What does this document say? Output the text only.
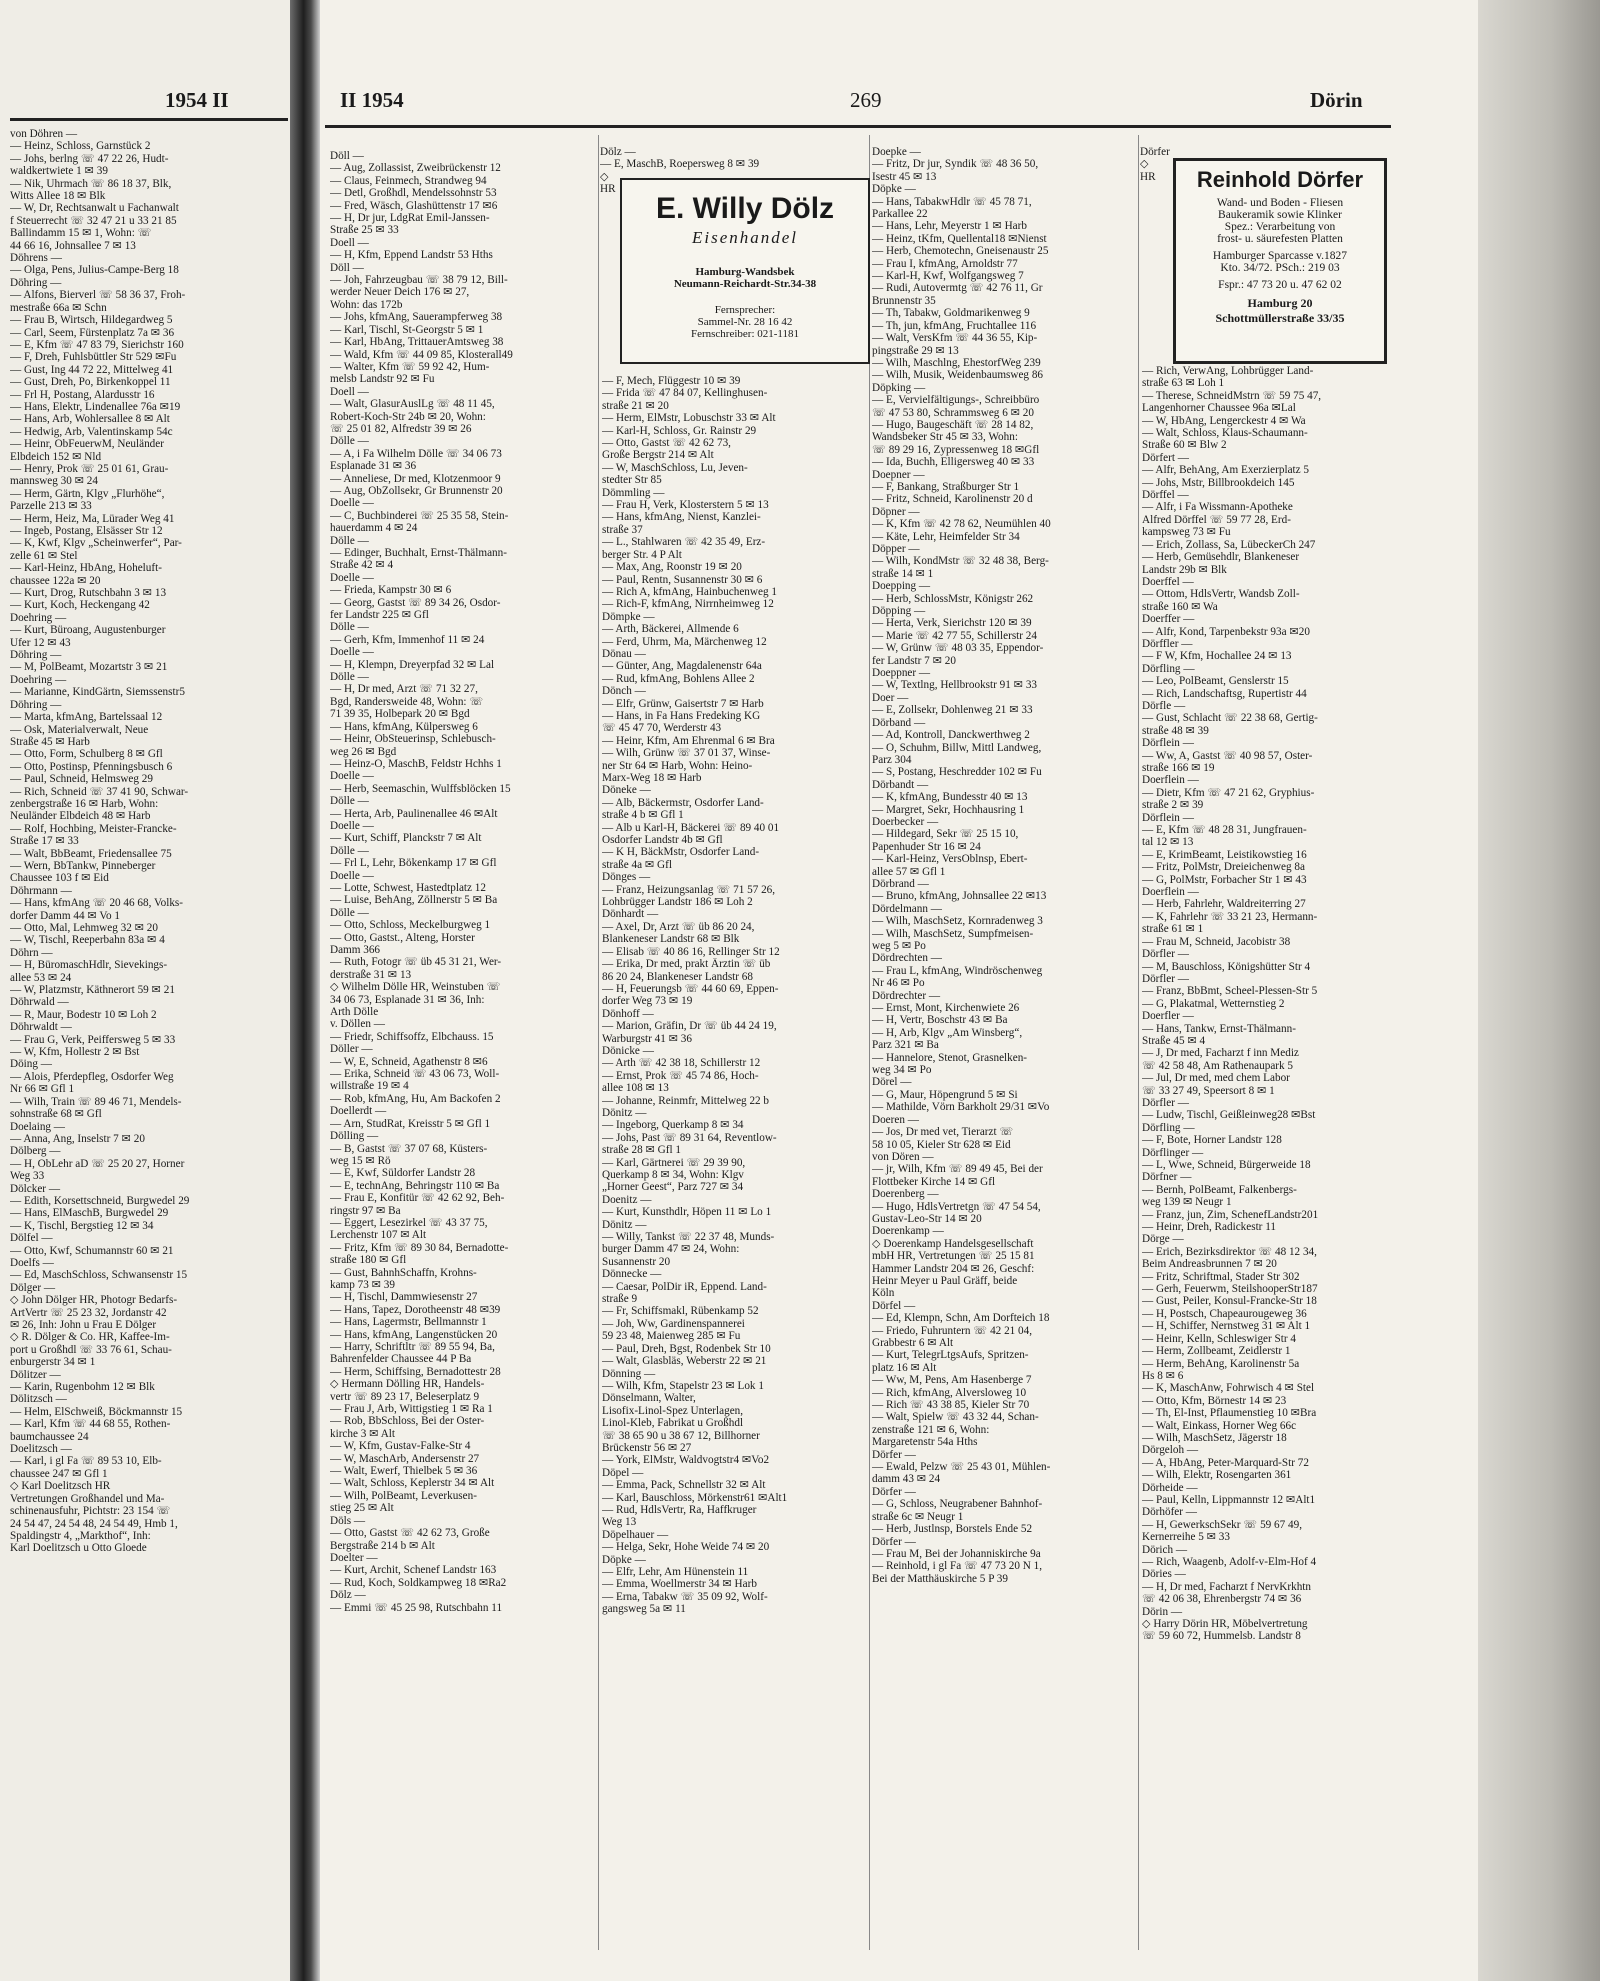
1954 II	II 1954	269	Dörin
von Döhren —
— Heinz, Schloss, Garnstück 2
— Johs, berlng ☏ 47 22 26, Hudt-
waldkertwiete 1 ✉ 39
— Nik, Uhrmach ☏ 86 18 37, Blk,
Witts Allee 18 ✉ Blk
— W, Dr, Rechtsanwalt u Fachanwalt
f Steuerrecht ☏ 32 47 21 u 33 21 85
Ballindamm 15 ✉ 1, Wohn: ☏
44 66 16, Johnsallee 7 ✉ 13
Döhrens —
— Olga, Pens, Julius-Campe-Berg 18
Döhring —
— Alfons, Bierverl ☏ 58 36 37, Froh-
mestraße 66a ✉ Schn
— Frau B, Wirtsch, Hildegardweg 5
— Carl, Seem, Fürstenplatz 7a ✉ 36
— E, Kfm ☏ 47 83 79, Sierichstr 160
— F, Dreh, Fuhlsbüttler Str 529 ✉Fu
— Gust, Ing 44 72 22, Mittelweg 41
— Gust, Dreh, Po, Birkenkoppel 11
— Frl H, Postang, Alardusstr 16
— Hans, Elektr, Lindenallee 76a ✉19
— Hans, Arb, Wohlersallee 8 ✉ Alt
— Hedwig, Arb, Valentinskamp 54c
— Heinr, ObFeuerwM, Neuländer
Elbdeich 152 ✉ Nld
— Henry, Prok ☏ 25 01 61, Grau-
mannsweg 30 ✉ 24
— Herm, Gärtn, Klgv „Flurhöhe“,
Parzelle 213 ✉ 33
— Herm, Heiz, Ma, Lürader Weg 41
— Ingeb, Postang, Elsässer Str 12
— K, Kwf, Klgv „Scheinwerfer“, Par-
zelle 61 ✉ Stel
— Karl-Heinz, HbAng, Hoheluft-
chaussee 122a ✉ 20
— Kurt, Drog, Rutschbahn 3 ✉ 13
— Kurt, Koch, Heckengang 42
Doehring —
— Kurt, Büroang, Augustenburger
Ufer 12 ✉ 43
Döhring —
— M, PolBeamt, Mozartstr 3 ✉ 21
Doehring —
— Marianne, KindGärtn, Siemssenstr5
Döhring —
— Marta, kfmAng, Bartelssaal 12
— Osk, Materialverwalt, Neue
Straße 45 ✉ Harb
— Otto, Form, Schulberg 8 ✉ Gfl
— Otto, Postinsp, Pfenningsbusch 6
— Paul, Schneid, Helmsweg 29
— Rich, Schneid ☏ 37 41 90, Schwar-
zenbergstraße 16 ✉ Harb, Wohn:
Neuländer Elbdeich 48 ✉ Harb
— Rolf, Hochbing, Meister-Francke-
Straße 17 ✉ 33
— Walt, BbBeamt, Friedensallee 75
— Wern, BbTankw, Pinneberger
Chaussee 103 f ✉ Eid
Döhrmann —
— Hans, kfmAng ☏ 20 46 68, Volks-
dorfer Damm 44 ✉ Vo 1
— Otto, Mal, Lehmweg 32 ✉ 20
— W, Tischl, Reeperbahn 83a ✉ 4
Döhrn —
— H, BüromaschHdlr, Sievekings-
allee 53 ✉ 24
— W, Platzmstr, Käthnerort 59 ✉ 21
Döhrwald —
— R, Maur, Bodestr 10 ✉ Loh 2
Döhrwaldt —
— Frau G, Verk, Peiffersweg 5 ✉ 33
— W, Kfm, Hollestr 2 ✉ Bst
Döing —
— Alois, Pferdepfleg, Osdorfer Weg
Nr 66 ✉ Gfl 1
— Wilh, Train ☏ 89 46 71, Mendels-
sohnstraße 68 ✉ Gfl
Doelaing —
— Anna, Ang, Inselstr 7 ✉ 20
Dölberg —
— H, ObLehr aD ☏ 25 20 27, Horner
Weg 33
Dölcker —
— Edith, Korsettschneid, Burgwedel 29
— Hans, ElMaschB, Burgwedel 29
— K, Tischl, Bergstieg 12 ✉ 34
Dölfel —
— Otto, Kwf, Schumannstr 60 ✉ 21
Doelfs —
— Ed, MaschSchloss, Schwansenstr 15
Dölger —
◇ John Dölger HR, Photogr Bedarfs-
ArtVertr ☏ 25 23 32, Jordanstr 42
✉ 26, Inh: John u Frau E Dölger
◇ R. Dölger & Co. HR, Kaffee-Im-
port u Großhdl ☏ 33 76 61, Schau-
enburgerstr 34 ✉ 1
Dölitzer —
— Karin, Rugenbohm 12 ✉ Blk
Dölitzsch —
— Helm, ElSchweiß, Böckmannstr 15
— Karl, Kfm ☏ 44 68 55, Rothen-
baumchaussee 24
Doelitzsch —
— Karl, i gl Fa ☏ 89 53 10, Elb-
chaussee 247 ✉ Gfl 1
◇ Karl Doelitzsch HR
Vertretungen Großhandel und Ma-
schinenausfuhr, Pichtstr: 23 154 ☏
24 54 47, 24 54 48, 24 54 49, Hmb 1,
Spaldingstr 4, „Markthof“, Inh:
Karl Doelitzsch u Otto Gloede
Döll —
— Aug, Zollassist, Zweibrückenstr 12
— Claus, Feinmech, Strandweg 94
— Detl, Großhdl, Mendelssohnstr 53
— Fred, Wäsch, Glashüttenstr 17 ✉6
— H, Dr jur, LdgRat Emil-Janssen-
Straße 25 ✉ 33
Doell —
— H, Kfm, Eppend Landstr 53 Hths
Döll —
— Joh, Fahrzeugbau ☏ 38 79 12, Bill-
werder Neuer Deich 176 ✉ 27,
Wohn: das 172b
— Johs, kfmAng, Sauerampferweg 38
— Karl, Tischl, St-Georgstr 5 ✉ 1
— Karl, HbAng, TrittauerAmtsweg 38
— Wald, Kfm ☏ 44 09 85, Klosterall49
— Walter, Kfm ☏ 59 92 42, Hum-
melsb Landstr 92 ✉ Fu
Doell —
— Walt, GlasurAuslLg ☏ 48 11 45,
Robert-Koch-Str 24b ✉ 20, Wohn:
☏ 25 01 82, Alfredstr 39 ✉ 26
Dölle —
— A, i Fa Wilhelm Dölle ☏ 34 06 73
Esplanade 31 ✉ 36
— Anneliese, Dr med, Klotzenmoor 9
— Aug, ObZollsekr, Gr Brunnenstr 20
Doelle —
— C, Buchbinderei ☏ 25 35 58, Stein-
hauerdamm 4 ✉ 24
Dölle —
— Edinger, Buchhalt, Ernst-Thälmann-
Straße 42 ✉ 4
Doelle —
— Frieda, Kampstr 30 ✉ 6
— Georg, Gastst ☏ 89 34 26, Osdor-
fer Landstr 225 ✉ Gfl
Dölle —
— Gerh, Kfm, Immenhof 11 ✉ 24
Doelle —
— H, Klempn, Dreyerpfad 32 ✉ Lal
Dölle —
— H, Dr med, Arzt ☏ 71 32 27,
Bgd, Randersweide 48, Wohn: ☏
71 39 35, Holbepark 20 ✉ Bgd
— Hans, kfmAng, Külpersweg 6
— Heinr, ObSteuerinsp, Schlebusch-
weg 26 ✉ Bgd
— Heinz-O, MaschB, Feldstr Hchhs 1
Doelle —
— Herb, Seemaschin, Wulffsblöcken 15
Dölle —
— Herta, Arb, Paulinenallee 46 ✉Alt
Doelle —
— Kurt, Schiff, Planckstr 7 ✉ Alt
Dölle —
— Frl L, Lehr, Bökenkamp 17 ✉ Gfl
Doelle —
— Lotte, Schwest, Hastedtplatz 12
— Luise, BehAng, Zöllnerstr 5 ✉ Ba
Dölle —
— Otto, Schloss, Meckelburgweg 1
— Otto, Gastst., Alteng, Horster
Damm 366
— Ruth, Fotogr ☏ üb 45 31 21, Wer-
derstraße 31 ✉ 13
◇ Wilhelm Dölle HR, Weinstuben ☏
34 06 73, Esplanade 31 ✉ 36, Inh:
Arth Dölle
v. Döllen —
— Friedr, Schiffsoffz, Elbchauss. 15
Döller —
— W, E, Schneid, Agathenstr 8 ✉6
— Erika, Schneid ☏ 43 06 73, Woll-
willstraße 19 ✉ 4
— Rob, kfmAng, Hu, Am Backofen 2
Doellerdt —
— Arn, StudRat, Kreisstr 5 ✉ Gfl 1
Dölling —
— B, Gastst ☏ 37 07 68, Küsters-
weg 15 ✉ Rö
— E, Kwf, Süldorfer Landstr 28
— E, technAng, Behringstr 110 ✉ Ba
— Frau E, Konfitür ☏ 42 62 92, Beh-
ringstr 97 ✉ Ba
— Eggert, Lesezirkel ☏ 43 37 75,
Lerchenstr 107 ✉ Alt
— Fritz, Kfm ☏ 89 30 84, Bernadotte-
straße 180 ✉ Gfl
— Gust, BahnhSchaffn, Krohns-
kamp 73 ✉ 39
— H, Tischl, Dammwiesenstr 27
— Hans, Tapez, Dorotheenstr 48 ✉39
— Hans, Lagermstr, Bellmannstr 1
— Hans, kfmAng, Langenstücken 20
— Harry, Schriftltr ☏ 89 55 94, Ba,
Bahrenfelder Chaussee 44 P Ba
— Herm, Schiffsing, Bernadottestr 28
◇ Hermann Dölling HR, Handels-
vertr ☏ 89 23 17, Beleserplatz 9
— Frau J, Arb, Wittigstieg 1 ✉ Ra 1
— Rob, BbSchloss, Bei der Oster-
kirche 3 ✉ Alt
— W, Kfm, Gustav-Falke-Str 4
— W, MaschArb, Andersenstr 27
— Walt, Ewerf, Thielbek 5 ✉ 36
— Walt, Schloss, Keplerstr 34 ✉ Alt
— Wilh, PolBeamt, Leverkusen-
stieg 25 ✉ Alt
Döls —
— Otto, Gastst ☏ 42 62 73, Große
Bergstraße 214 b ✉ Alt
Doelter —
— Kurt, Archit, Schenef Landstr 163
— Rud, Koch, Soldkampweg 18 ✉Ra2
Dölz —
— Emmi ☏ 45 25 98, Rutschbahn 11
Dölz —
— E, MaschB, Roepersweg 8 ✉ 39
◇
HR
— F, Mech, Flüggestr 10 ✉ 39
— Frida ☏ 47 84 07, Kellinghusen-
straße 21 ✉ 20
— Herm, ElMstr, Lobuschstr 33 ✉ Alt
— Karl-H, Schloss, Gr. Rainstr 29
— Otto, Gastst ☏ 42 62 73,
Große Bergstr 214 ✉ Alt
— W, MaschSchloss, Lu, Jeven-
stedter Str 85
Dömmling —
— Frau H, Verk, Klosterstern 5 ✉ 13
— Hans, kfmAng, Nienst, Kanzlei-
straße 37
— L., Stahlwaren ☏ 42 35 49, Erz-
berger Str. 4 P Alt
— Max, Ang, Roonstr 19 ✉ 20
— Paul, Rentn, Susannenstr 30 ✉ 6
— Rich A, kfmAng, Hainbuchenweg 1
— Rich-F, kfmAng, Nirrnheimweg 12
Dömpke —
— Arth, Bäckerei, Allmende 6
— Ferd, Uhrm, Ma, Märchenweg 12
Dönau —
— Günter, Ang, Magdalenenstr 64a
— Rud, kfmAng, Bohlens Allee 2
Dönch —
— Elfr, Grünw, Gaisertstr 7 ✉ Harb
— Hans, in Fa Hans Fredeking KG
☏ 45 47 70, Werderstr 43
— Heinr, Kfm, Am Ehrenmal 6 ✉ Bra
— Wilh, Grünw ☏ 37 01 37, Winse-
ner Str 64 ✉ Harb, Wohn: Heino-
Marx-Weg 18 ✉ Harb
Döneke —
— Alb, Bäckermstr, Osdorfer Land-
straße 4 b ✉ Gfl 1
— Alb u Karl-H, Bäckerei ☏ 89 40 01
Osdorfer Landstr 4b ✉ Gfl
— K H, BäckMstr, Osdorfer Land-
straße 4a ✉ Gfl
Dönges —
— Franz, Heizungsanlag ☏ 71 57 26,
Lohbrügger Landstr 186 ✉ Loh 2
Dönhardt —
— Axel, Dr, Arzt ☏ üb 86 20 24,
Blankeneser Landstr 68 ✉ Blk
— Elisab ☏ 40 86 16, Rellinger Str 12
— Erika, Dr med, prakt Ärztin ☏ üb
86 20 24, Blankeneser Landstr 68
— H, Feuerungsb ☏ 44 60 69, Eppen-
dorfer Weg 73 ✉ 19
Dönhoff —
— Marion, Gräfin, Dr ☏ üb 44 24 19,
Warburgstr 41 ✉ 36
Dönicke —
— Arth ☏ 42 38 18, Schillerstr 12
— Ernst, Prok ☏ 45 74 86, Hoch-
allee 108 ✉ 13
— Johanne, Reinmfr, Mittelweg 22 b
Dönitz —
— Ingeborg, Querkamp 8 ✉ 34
— Johs, Past ☏ 89 31 64, Reventlow-
straße 28 ✉ Gfl 1
— Karl, Gärtnerei ☏ 29 39 90,
Querkamp 8 ✉ 34, Wohn: Klgv
„Horner Geest“, Parz 727 ✉ 34
Doenitz —
— Kurt, Kunsthdlr, Höpen 11 ✉ Lo 1
Dönitz —
— Willy, Tankst ☏ 22 37 48, Munds-
burger Damm 47 ✉ 24, Wohn:
Susannenstr 20
Dönnecke —
— Caesar, PolDir iR, Eppend. Land-
straße 9
— Fr, Schiffsmakl, Rübenkamp 52
— Joh, Ww, Gardinenspannerei
59 23 48, Maienweg 285 ✉ Fu
— Paul, Dreh, Bgst, Rodenbek Str 10
— Walt, Glasbläs, Weberstr 22 ✉ 21
Dönning —
— Wilh, Kfm, Stapelstr 23 ✉ Lok 1
Dönselmann, Walter,
Lisofix-Linol-Spez Unterlagen,
Linol-Kleb, Fabrikat u Großhdl
☏ 38 65 90 u 38 67 12, Billhorner
Brückenstr 56 ✉ 27
— York, ElMstr, Waldvogtstr4 ✉Vo2
Döpel —
— Emma, Pack, Schnellstr 32 ✉ Alt
— Karl, Bauschloss, Mörkenstr61 ✉Alt1
— Rud, HdlsVertr, Ra, Haffkruger
Weg 13
Döpelhauer —
— Helga, Sekr, Hohe Weide 74 ✉ 20
Döpke —
— Elfr, Lehr, Am Hünenstein 11
— Emma, Woellmerstr 34 ✉ Harb
— Erna, Tabakw ☏ 35 09 92, Wolf-
gangsweg 5a ✉ 11
Doepke —
— Fritz, Dr jur, Syndik ☏ 48 36 50,
Isestr 45 ✉ 13
Döpke —
— Hans, TabakwHdlr ☏ 45 78 71,
Parkallee 22
— Hans, Lehr, Meyerstr 1 ✉ Harb
— Heinz, tKfm, Quellental18 ✉Nienst
— Herb, Chemotechn, Gneisenaustr 25
— Frau I, kfmAng, Arnoldstr 77
— Karl-H, Kwf, Wolfgangsweg 7
— Rudi, Autovermtg ☏ 42 76 11, Gr
Brunnenstr 35
— Th, Tabakw, Goldmarikenweg 9
— Th, jun, kfmAng, Fruchtallee 116
— Walt, VersKfm ☏ 44 36 55, Kip-
pingstraße 29 ✉ 13
— Wilh, Maschlng, EhestorfWeg 239
— Wilh, Musik, Weidenbaumsweg 86
Döpking —
— E, Vervielfältigungs-, Schreibbüro
☏ 47 53 80, Schrammsweg 6 ✉ 20
— Hugo, Baugeschäft ☏ 28 14 82,
Wandsbeker Str 45 ✉ 33, Wohn:
☏ 89 29 16, Zypressenweg 18 ✉Gfl
— Ida, Buchh, Elligersweg 40 ✉ 33
Doepner —
— F, Bankang, Straßburger Str 1
— Fritz, Schneid, Karolinenstr 20 d
Döpner —
— K, Kfm ☏ 42 78 62, Neumühlen 40
— Käte, Lehr, Heimfelder Str 34
Döpper —
— Wilh, KondMstr ☏ 32 48 38, Berg-
straße 14 ✉ 1
Doepping —
— Herb, SchlossMstr, Königstr 262
Döpping —
— Herta, Verk, Sierichstr 120 ✉ 39
— Marie ☏ 42 77 55, Schillerstr 24
— W, Grünw ☏ 48 03 35, Eppendor-
fer Landstr 7 ✉ 20
Doeppner —
— W, Textlng, Hellbrookstr 91 ✉ 33
Doer —
— E, Zollsekr, Dohlenweg 21 ✉ 33
Dörband —
— Ad, Kontroll, Danckwerthweg 2
— O, Schuhm, Billw, Mittl Landweg,
Parz 304
— S, Postang, Heschredder 102 ✉ Fu
Dörbandt —
— K, kfmAng, Bundesstr 40 ✉ 13
— Margret, Sekr, Hochhausring 1
Doerbecker —
— Hildegard, Sekr ☏ 25 15 10,
Papenhuder Str 16 ✉ 24
— Karl-Heinz, VersOblnsp, Ebert-
allee 57 ✉ Gfl 1
Dörbrand —
— Bruno, kfmAng, Johnsallee 22 ✉13
Dördelmann —
— Wilh, MaschSetz, Kornradenweg 3
— Wilh, MaschSetz, Sumpfmeisen-
weg 5 ✉ Po
Dördrechten —
— Frau L, kfmAng, Windröschenweg
Nr 46 ✉ Po
Dördrechter —
— Ernst, Mont, Kirchenwiete 26
— H, Vertr, Boschstr 43 ✉ Ba
— H, Arb, Klgv „Am Winsberg“,
Parz 321 ✉ Ba
— Hannelore, Stenot, Grasnelken-
weg 34 ✉ Po
Dörel —
— G, Maur, Höpengrund 5 ✉ Si
— Mathilde, Vörn Barkholt 29/31 ✉Vo
Doeren —
— Jos, Dr med vet, Tierarzt ☏
58 10 05, Kieler Str 628 ✉ Eid
von Dören —
— jr, Wilh, Kfm ☏ 89 49 45, Bei der
Flottbeker Kirche 14 ✉ Gfl
Doerenberg —
— Hugo, HdlsVertretgn ☏ 47 54 54,
Gustav-Leo-Str 14 ✉ 20
Doerenkamp —
◇ Doerenkamp Handelsgesellschaft
mbH HR, Vertretungen ☏ 25 15 81
Hammer Landstr 204 ✉ 26, Geschf:
Heinr Meyer u Paul Gräff, beide
Köln
Dörfel —
— Ed, Klempn, Schn, Am Dorfteich 18
— Friedo, Fuhruntern ☏ 42 21 04,
Grabbestr 6 ✉ Alt
— Kurt, TelegrLtgsAufs, Spritzen-
platz 16 ✉ Alt
— Ww, M, Pens, Am Hasenberge 7
— Rich, kfmAng, Alversloweg 10
— Rich ☏ 43 38 85, Kieler Str 70
— Walt, Spielw ☏ 43 32 44, Schan-
zenstraße 121 ✉ 6, Wohn:
Margaretenstr 54a Hths
Dörfer —
— Ewald, Pelzw ☏ 25 43 01, Mühlen-
damm 43 ✉ 24
Dörfer —
— G, Schloss, Neugrabener Bahnhof-
straße 6c ✉ Neugr 1
— Herb, Justlnsp, Borstels Ende 52
Dörfer —
— Frau M, Bei der Johanniskirche 9a
— Reinhold, i gl Fa ☏ 47 73 20 N 1,
Bei der Matthäuskirche 5 P 39
Dörfer
◇
HR
— Rich, VerwAng, Lohbrügger Land-
straße 63 ✉ Loh 1
— Therese, SchneidMstrn ☏ 59 75 47,
Langenhorner Chaussee 96a ✉Lal
— W, HbAng, Lengerckestr 4 ✉ Wa
— Walt, Schloss, Klaus-Schaumann-
Straße 60 ✉ Blw 2
Dörfert —
— Alfr, BehAng, Am Exerzierplatz 5
— Johs, Mstr, Billbrookdeich 145
Dörffel —
— Alfr, i Fa Wissmann-Apotheke
Alfred Dörffel ☏ 59 77 28, Erd-
kampsweg 73 ✉ Fu
— Erich, Zollass, Sa, LübeckerCh 247
— Herb, Gemüsehdlr, Blankeneser
Landstr 29b ✉ Blk
Doerffel —
— Ottom, HdlsVertr, Wandsb Zoll-
straße 160 ✉ Wa
Doerffer —
— Alfr, Kond, Tarpenbekstr 93a ✉20
Dörffler —
— F W, Kfm, Hochallee 24 ✉ 13
Dörfling —
— Leo, PolBeamt, Genslerstr 15
— Rich, Landschaftsg, Rupertistr 44
Dörfle —
— Gust, Schlacht ☏ 22 38 68, Gertig-
straße 48 ✉ 39
Dörflein —
— Ww, A, Gastst ☏ 40 98 57, Oster-
straße 166 ✉ 19
Doerflein —
— Dietr, Kfm ☏ 47 21 62, Gryphius-
straße 2 ✉ 39
Dörflein —
— E, Kfm ☏ 48 28 31, Jungfrauen-
tal 12 ✉ 13
— E, KrimBeamt, Leistikowstieg 16
— Fritz, PolMstr, Dreieichenweg 8a
— G, PolMstr, Forbacher Str 1 ✉ 43
Doerflein —
— Herb, Fahrlehr, Waldreiterring 27
— K, Fahrlehr ☏ 33 21 23, Hermann-
straße 61 ✉ 1
— Frau M, Schneid, Jacobistr 38
Dörfler —
— M, Bauschloss, Königshütter Str 4
Dörfler —
— Franz, BbBmt, Scheel-Plessen-Str 5
— G, Plakatmal, Wetternstieg 2
Doerfler —
— Hans, Tankw, Ernst-Thälmann-
Straße 45 ✉ 4
— J, Dr med, Facharzt f inn Mediz
☏ 42 58 48, Am Rathenaupark 5
— Jul, Dr med, med chem Labor
☏ 33 27 49, Speersort 8 ✉ 1
Dörfler —
— Ludw, Tischl, Geißleinweg28 ✉Bst
Dörfling —
— F, Bote, Horner Landstr 128
Dörflinger —
— L, Wwe, Schneid, Bürgerweide 18
Dörfner —
— Bernh, PolBeamt, Falkenbergs-
weg 139 ✉ Neugr 1
— Franz, jun, Zim, SchenefLandstr201
— Heinr, Dreh, Radickestr 11
Dörge —
— Erich, Bezirksdirektor ☏ 48 12 34,
Beim Andreasbrunnen 7 ✉ 20
— Fritz, Schriftmal, Stader Str 302
— Gerh, Feuerwm, SteilshooperStr187
— Gust, Peiler, Konsul-Francke-Str 18
— H, Postsch, Chapeaurougeweg 36
— H, Schiffer, Nernstweg 31 ✉ Alt 1
— Heinr, Kelln, Schleswiger Str 4
— Herm, Zollbeamt, Zeidlerstr 1
— Herm, BehAng, Karolinenstr 5a
Hs 8 ✉ 6
— K, MaschAnw, Fohrwisch 4 ✉ Stel
— Otto, Kfm, Börnestr 14 ✉ 23
— Th, El-Inst, Pflaumenstieg 10 ✉Bra
— Walt, Einkass, Horner Weg 66c
— Wilh, MaschSetz, Jägerstr 18
Dörgeloh —
— A, HbAng, Peter-Marquard-Str 72
— Wilh, Elektr, Rosengarten 361
Dörheide —
— Paul, Kelln, Lippmannstr 12 ✉Alt1
Dörhöfer —
— H, GewerkschSekr ☏ 59 67 49,
Kernerreihe 5 ✉ 33
Dörich —
— Rich, Waagenb, Adolf-v-Elm-Hof 4
Döries —
— H, Dr med, Facharzt f NervKrkhtn
☏ 42 06 38, Ehrenbergstr 74 ✉ 36
Dörin —
◇ Harry Dörin HR, Möbelvertretung
☏ 59 60 72, Hummelsb. Landstr 8
E. Willy Dölz
Eisenhandel
Hamburg-Wandsbek
Neumann-Reichardt-Str.34-38
Fernsprecher:
Sammel-Nr. 28 16 42
Fernschreiber: 021-1181
Reinhold Dörfer
Wand- und Boden - Fliesen
Baukeramik sowie Klinker
Spez.: Verarbeitung von
frost- u. säurefesten Platten
Hamburger Sparcasse v.1827
Kto. 34/72. PSch.: 219 03
Fspr.: 47 73 20 u. 47 62 02
Hamburg 20
Schottmüllerstraße 33/35
